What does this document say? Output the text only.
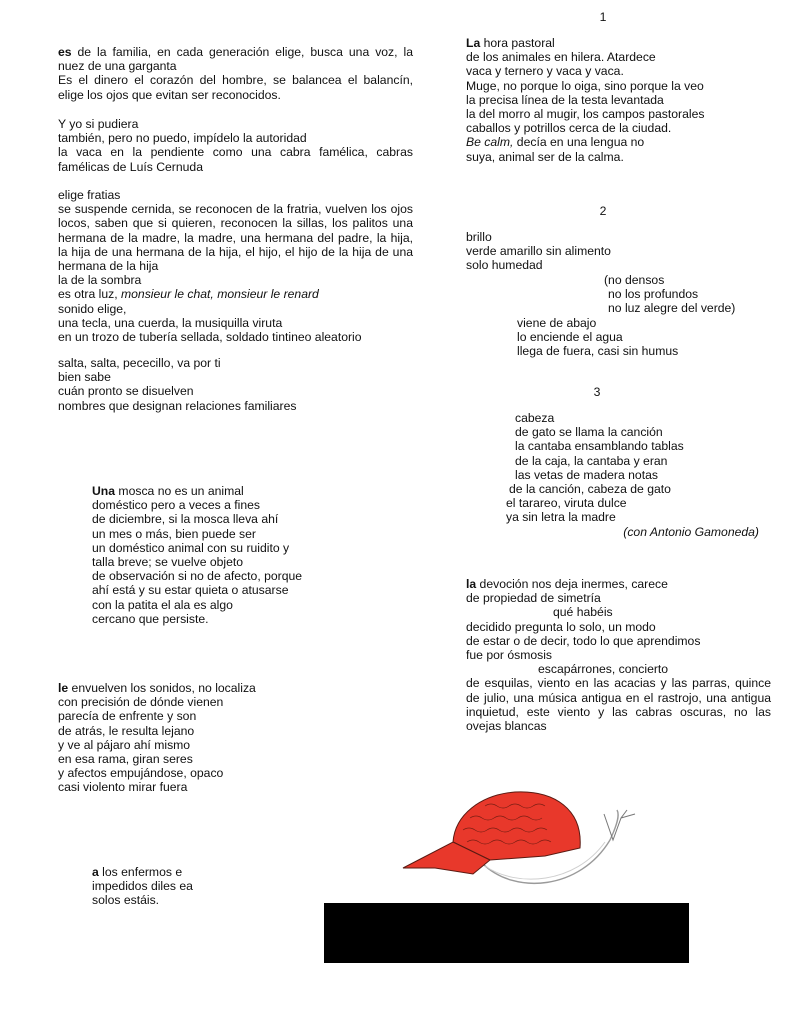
es de la familia, en cada generación elige, busca una voz, la nuez de una garganta

Es el dinero el corazón del hombre, se balancea el balancín, elige los ojos que evitan ser reconocidos.

Y yo si pudiera

también, pero no puedo, impídelo la autoridad

la vaca en la pendiente como una cabra famélica, cabras famélicas de Luís Cernuda

elige fratias

se suspende cernida, se reconocen de la fratria, vuelven los ojos locos, saben que si quieren, reconocen la sillas, los palitos una hermana de la madre, la madre, una hermana del padre, la hija, la hija de una hermana de la hija, el hijo, el hijo de la hija de una hermana de la hija

la de la sombra

es otra luz, monsieur le chat, monsieur le renard

sonido elige,

una tecla, una cuerda, la musiquilla viruta

en un trozo de tubería sellada, soldado tintineo aleatorio

salta, salta, pececillo, va por ti
bien sabe
cuán pronto se disuelven
nombres que designan relaciones familiares
Una mosca no es un animal
doméstico pero a veces a fines
de diciembre, si la mosca lleva ahí
un mes o más, bien puede ser
un doméstico animal con su ruidito y
talla breve; se vuelve objeto
de observación si no de afecto, porque
ahí está y su estar quieta o atusarse
con la patita el ala es algo
cercano que persiste.
le envuelven los sonidos, no localiza
con precisión de dónde vienen
parecía de enfrente y son
de atrás, le resulta lejano
y ve al pájaro ahí mismo
en esa rama, giran seres
y afectos empujándose, opaco
casi violento mirar fuera
a los enfermos e
impedidos diles ea
solos estáis.
1
La hora pastoral
de los animales en hilera. Atardece
vaca y ternero y vaca y vaca.
Muge, no porque lo oiga, sino porque la veo
la precisa línea de la testa levantada
la del morro al mugir, los campos pastorales
caballos y potrillos cerca de la ciudad.
Be calm, decía en una lengua no
suya, animal ser de la calma.
2
brillo
verde amarillo sin alimento
solo humedad
(no densos
no los profundos
no luz alegre del verde)
viene de abajo
lo enciende el agua
llega de fuera, casi sin humus
3
cabeza
de gato se llama la canción
la cantaba ensamblando tablas
de la caja, la cantaba y eran
las vetas de madera notas
de la canción, cabeza de gato
el tarareo, viruta dulce
ya sin letra la madre
(con Antonio Gamoneda)
la devoción nos deja inermes, carece
de propiedad de simetría
qué habéis
decidido pregunta lo solo, un modo
de estar o de decir, todo lo que aprendimos
fue por ósmosis
escapárrones, concierto
de esquilas, viento en las acacias y las parras, quince de julio, una música antigua en el rastrojo, una antigua inquietud, este viento y las cabras oscuras, no las ovejas blancas
